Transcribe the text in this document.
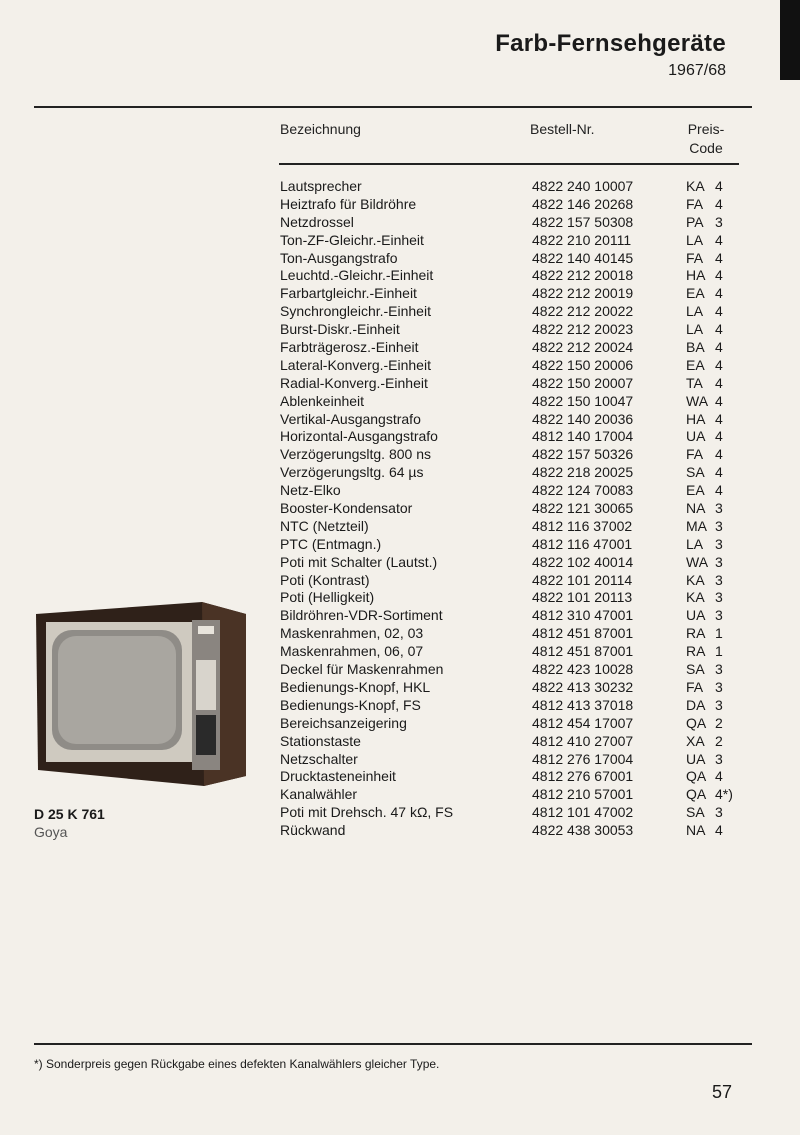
Farb-Fernsehgeräte
1967/68
Bezeichnung	Bestell-Nr.	Preis-
Code
Lautsprecher	4822 240 10007	KA 4
Heiztrafo für Bildröhre	4822 146 20268	FA 4
Netzdrossel	4822 157 50308	PA 3
Ton-ZF-Gleichr.-Einheit	4822 210 20111	LA 4
Ton-Ausgangstrafo	4822 140 40145	FA 4
Leuchtd.-Gleichr.-Einheit	4822 212 20018	HA 4
Farbartgleichr.-Einheit	4822 212 20019	EA 4
Synchrongleichr.-Einheit	4822 212 20022	LA 4
Burst-Diskr.-Einheit	4822 212 20023	LA 4
Farbträgerosz.-Einheit	4822 212 20024	BA 4
Lateral-Konverg.-Einheit	4822 150 20006	EA 4
Radial-Konverg.-Einheit	4822 150 20007	TA 4
Ablenkeinheit	4822 150 10047	WA 4
Vertikal-Ausgangstrafo	4822 140 20036	HA 4
Horizontal-Ausgangstrafo	4812 140 17004	UA 4
Verzögerungsltg. 800 ns	4822 157 50326	FA 4
Verzögerungsltg. 64 µs	4822 218 20025	SA 4
Netz-Elko	4822 124 70083	EA 4
Booster-Kondensator	4822 121 30065	NA 3
NTC (Netzteil)	4812 116 37002	MA 3
PTC (Entmagn.)	4812 116 47001	LA 3
Poti mit Schalter (Lautst.)	4822 102 40014	WA 3
Poti (Kontrast)	4822 101 20114	KA 3
Poti (Helligkeit)	4822 101 20113	KA 3
Bildröhren-VDR-Sortiment	4812 310 47001	UA 3
Maskenrahmen, 02, 03	4812 451 87001	RA 1
Maskenrahmen, 06, 07	4812 451 87001	RA 1
Deckel für Maskenrahmen	4822 423 10028	SA 3
Bedienungs-Knopf, HKL	4822 413 30232	FA 3
Bedienungs-Knopf, FS	4812 413 37018	DA 3
Bereichsanzeigering	4812 454 17007	QA 2
Stationstaste	4812 410 27007	XA 2
Netzschalter	4812 276 17004	UA 3
Drucktasteneinheit	4812 276 67001	QA 4
Kanalwähler	4812 210 57001	QA 4*)
Poti mit Drehsch. 47 kΩ, FS	4812 101 47002	SA 3
Rückwand	4822 438 30053	NA 4
D 25 K 761
Goya
*) Sonderpreis gegen Rückgabe eines defekten Kanalwählers gleicher Type.
57
